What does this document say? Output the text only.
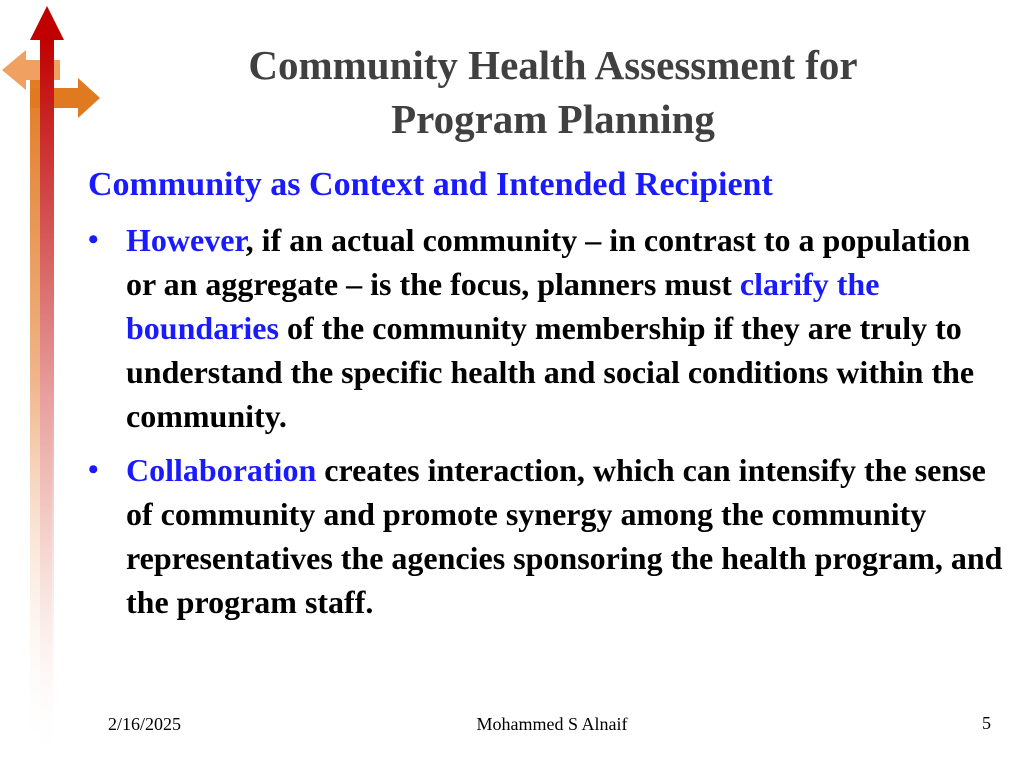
Community Health Assessment for
Program Planning
Community as Context and Intended Recipient
• However, if an actual community – in contrast to a population or an aggregate – is the focus, planners must clarify the boundaries of the community membership if they are truly to understand the specific health and social conditions within the community.
• Collaboration creates interaction, which can intensify the sense of community and promote synergy among the community representatives the agencies sponsoring the health program, and the program staff.
2/16/2025	Mohammed S Alnaif	5
